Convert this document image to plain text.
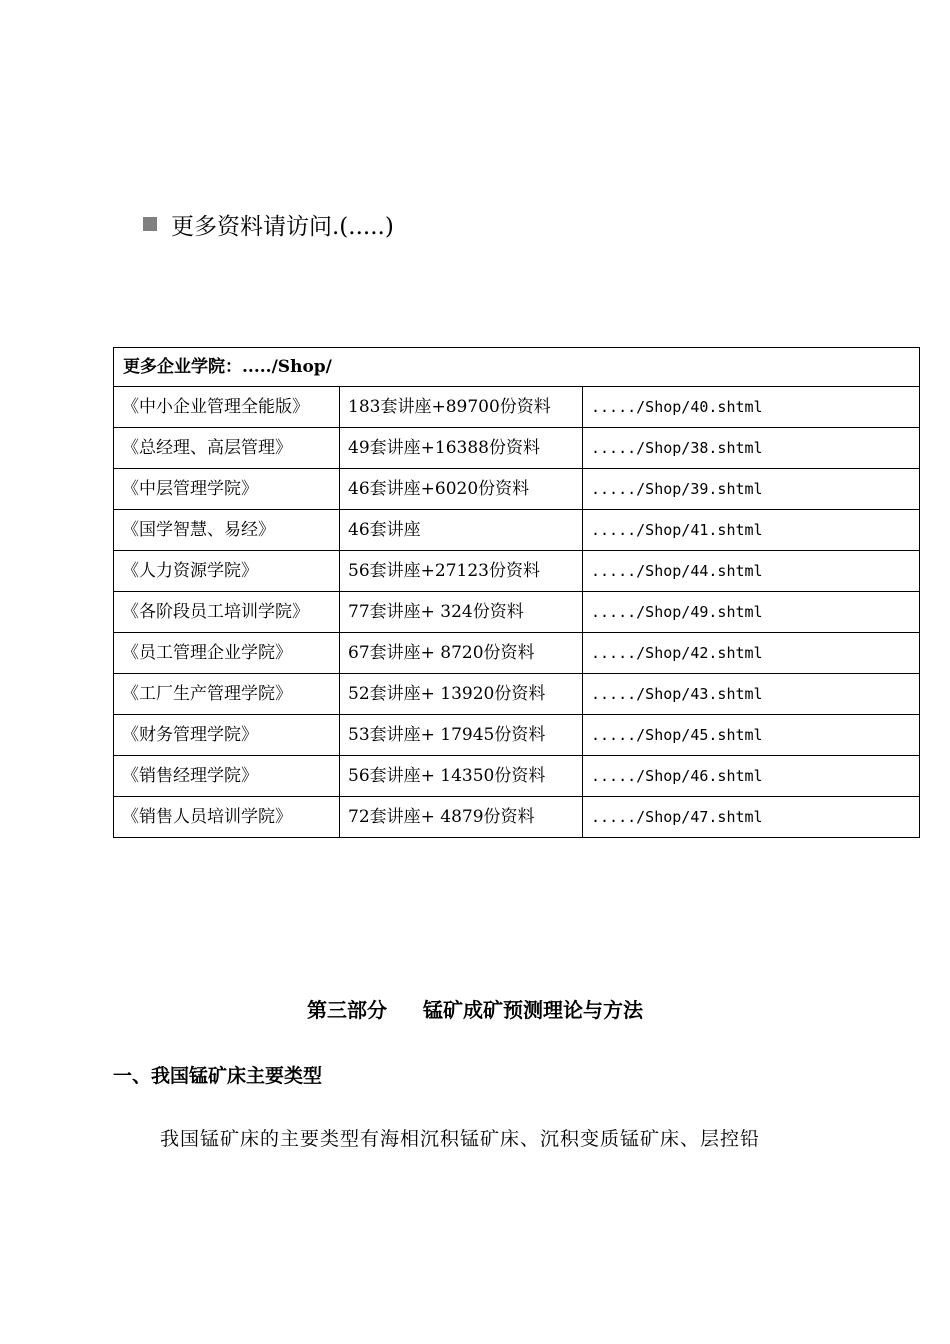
更多资料请访问.(.....)
更多企业学院：...../Shop/		
《中小企业管理全能版》	183套讲座+89700份资料	...../Shop/40.shtml
《总经理、高层管理》	49套讲座+16388份资料	...../Shop/38.shtml
《中层管理学院》	46套讲座+6020份资料	...../Shop/39.shtml
《国学智慧、易经》	46套讲座	...../Shop/41.shtml
《人力资源学院》	56套讲座+27123份资料	...../Shop/44.shtml
《各阶段员工培训学院》	77套讲座+ 324份资料	...../Shop/49.shtml
《员工管理企业学院》	67套讲座+ 8720份资料	...../Shop/42.shtml
《工厂生产管理学院》	52套讲座+ 13920份资料	...../Shop/43.shtml
《财务管理学院》	53套讲座+ 17945份资料	...../Shop/45.shtml
《销售经理学院》	56套讲座+ 14350份资料	...../Shop/46.shtml
《销售人员培训学院》	72套讲座+ 4879份资料	...../Shop/47.shtml
第三部分 锰矿成矿预测理论与方法
一、我国锰矿床主要类型
我国锰矿床的主要类型有海相沉积锰矿床、沉积变质锰矿床、层控铅
